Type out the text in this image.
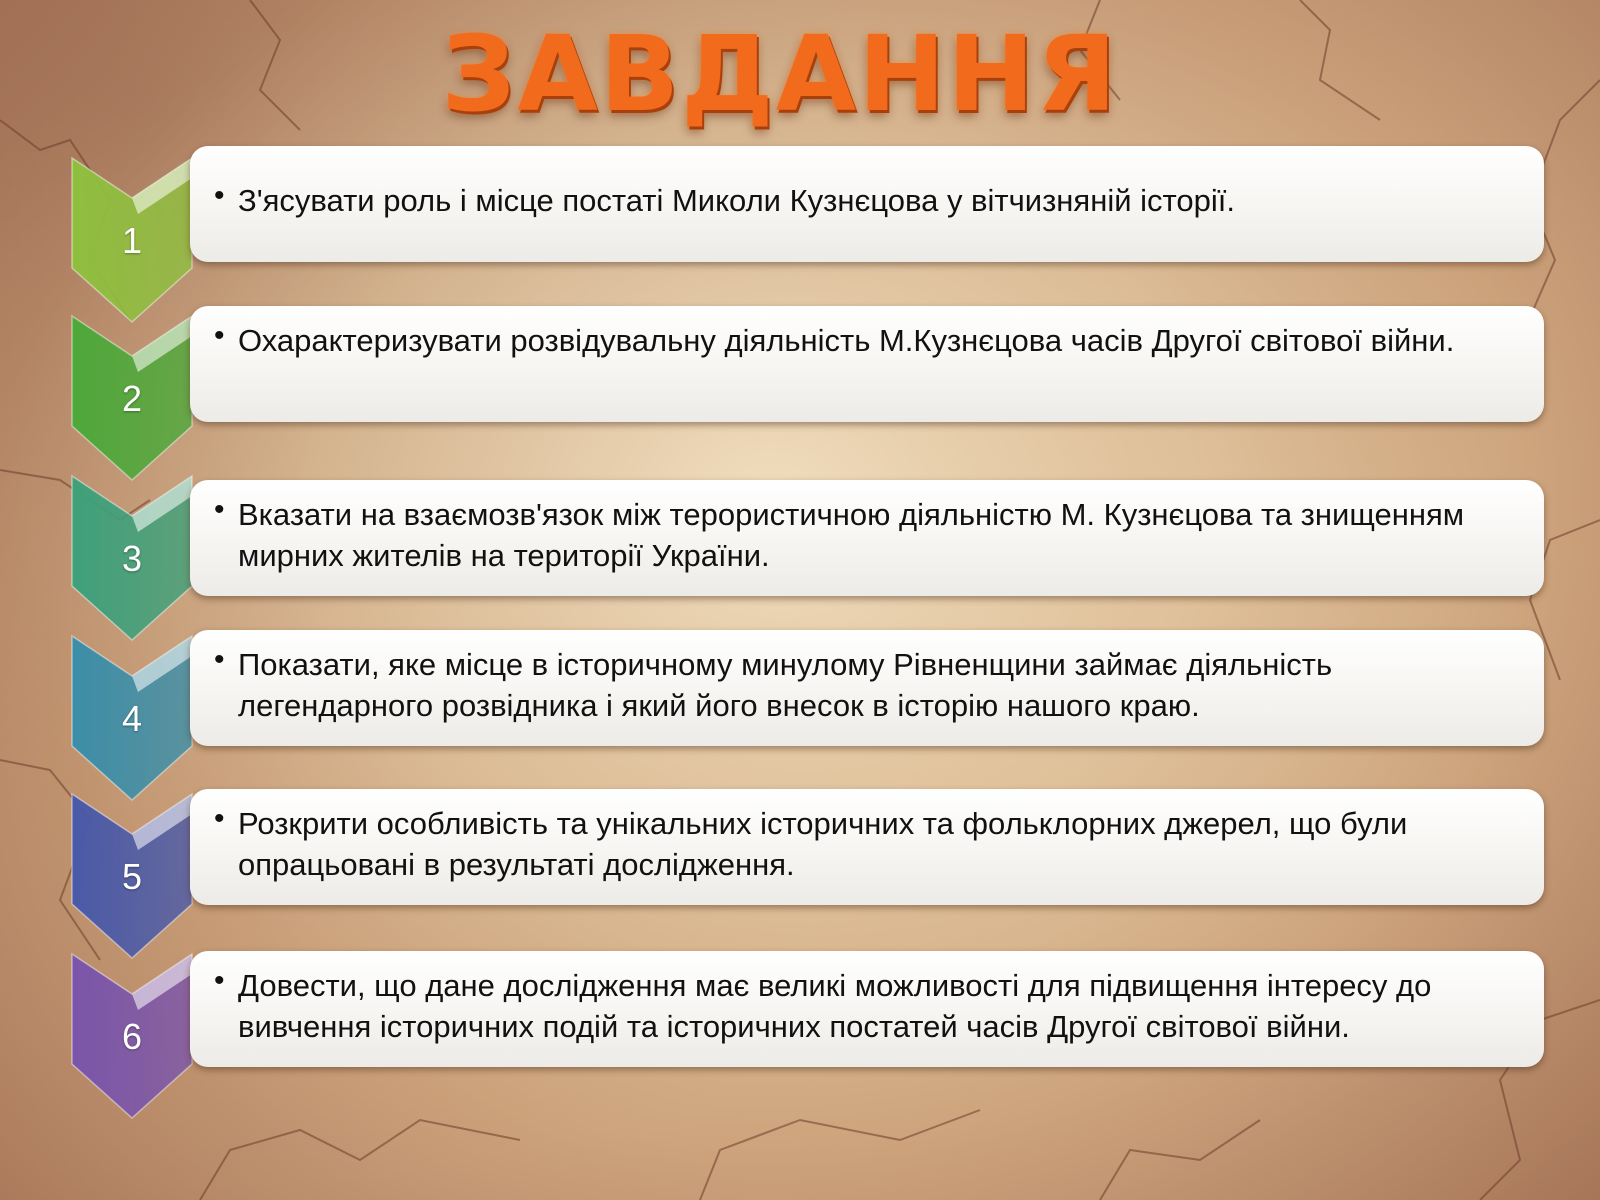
ЗАВДАННЯ
1
• З'ясувати роль і місце постаті Миколи Кузнєцова у вітчизняній історії.
2
• Охарактеризувати розвідувальну діяльність М.Кузнєцова часів Другої світової війни.
3
• Вказати на взаємозв'язок між терористичною діяльністю М. Кузнєцова та знищенням мирних жителів на території України.
4
• Показати, яке місце в історичному минулому Рівненщини займає діяльність легендарного розвідника і який його внесок в історію нашого краю.
5
• Розкрити особливість та унікальних історичних та фольклорних джерел, що були опрацьовані в результаті дослідження.
6
• Довести, що дане дослідження має великі можливості для підвищення інтересу до вивчення історичних подій та історичних постатей часів Другої світової війни.
